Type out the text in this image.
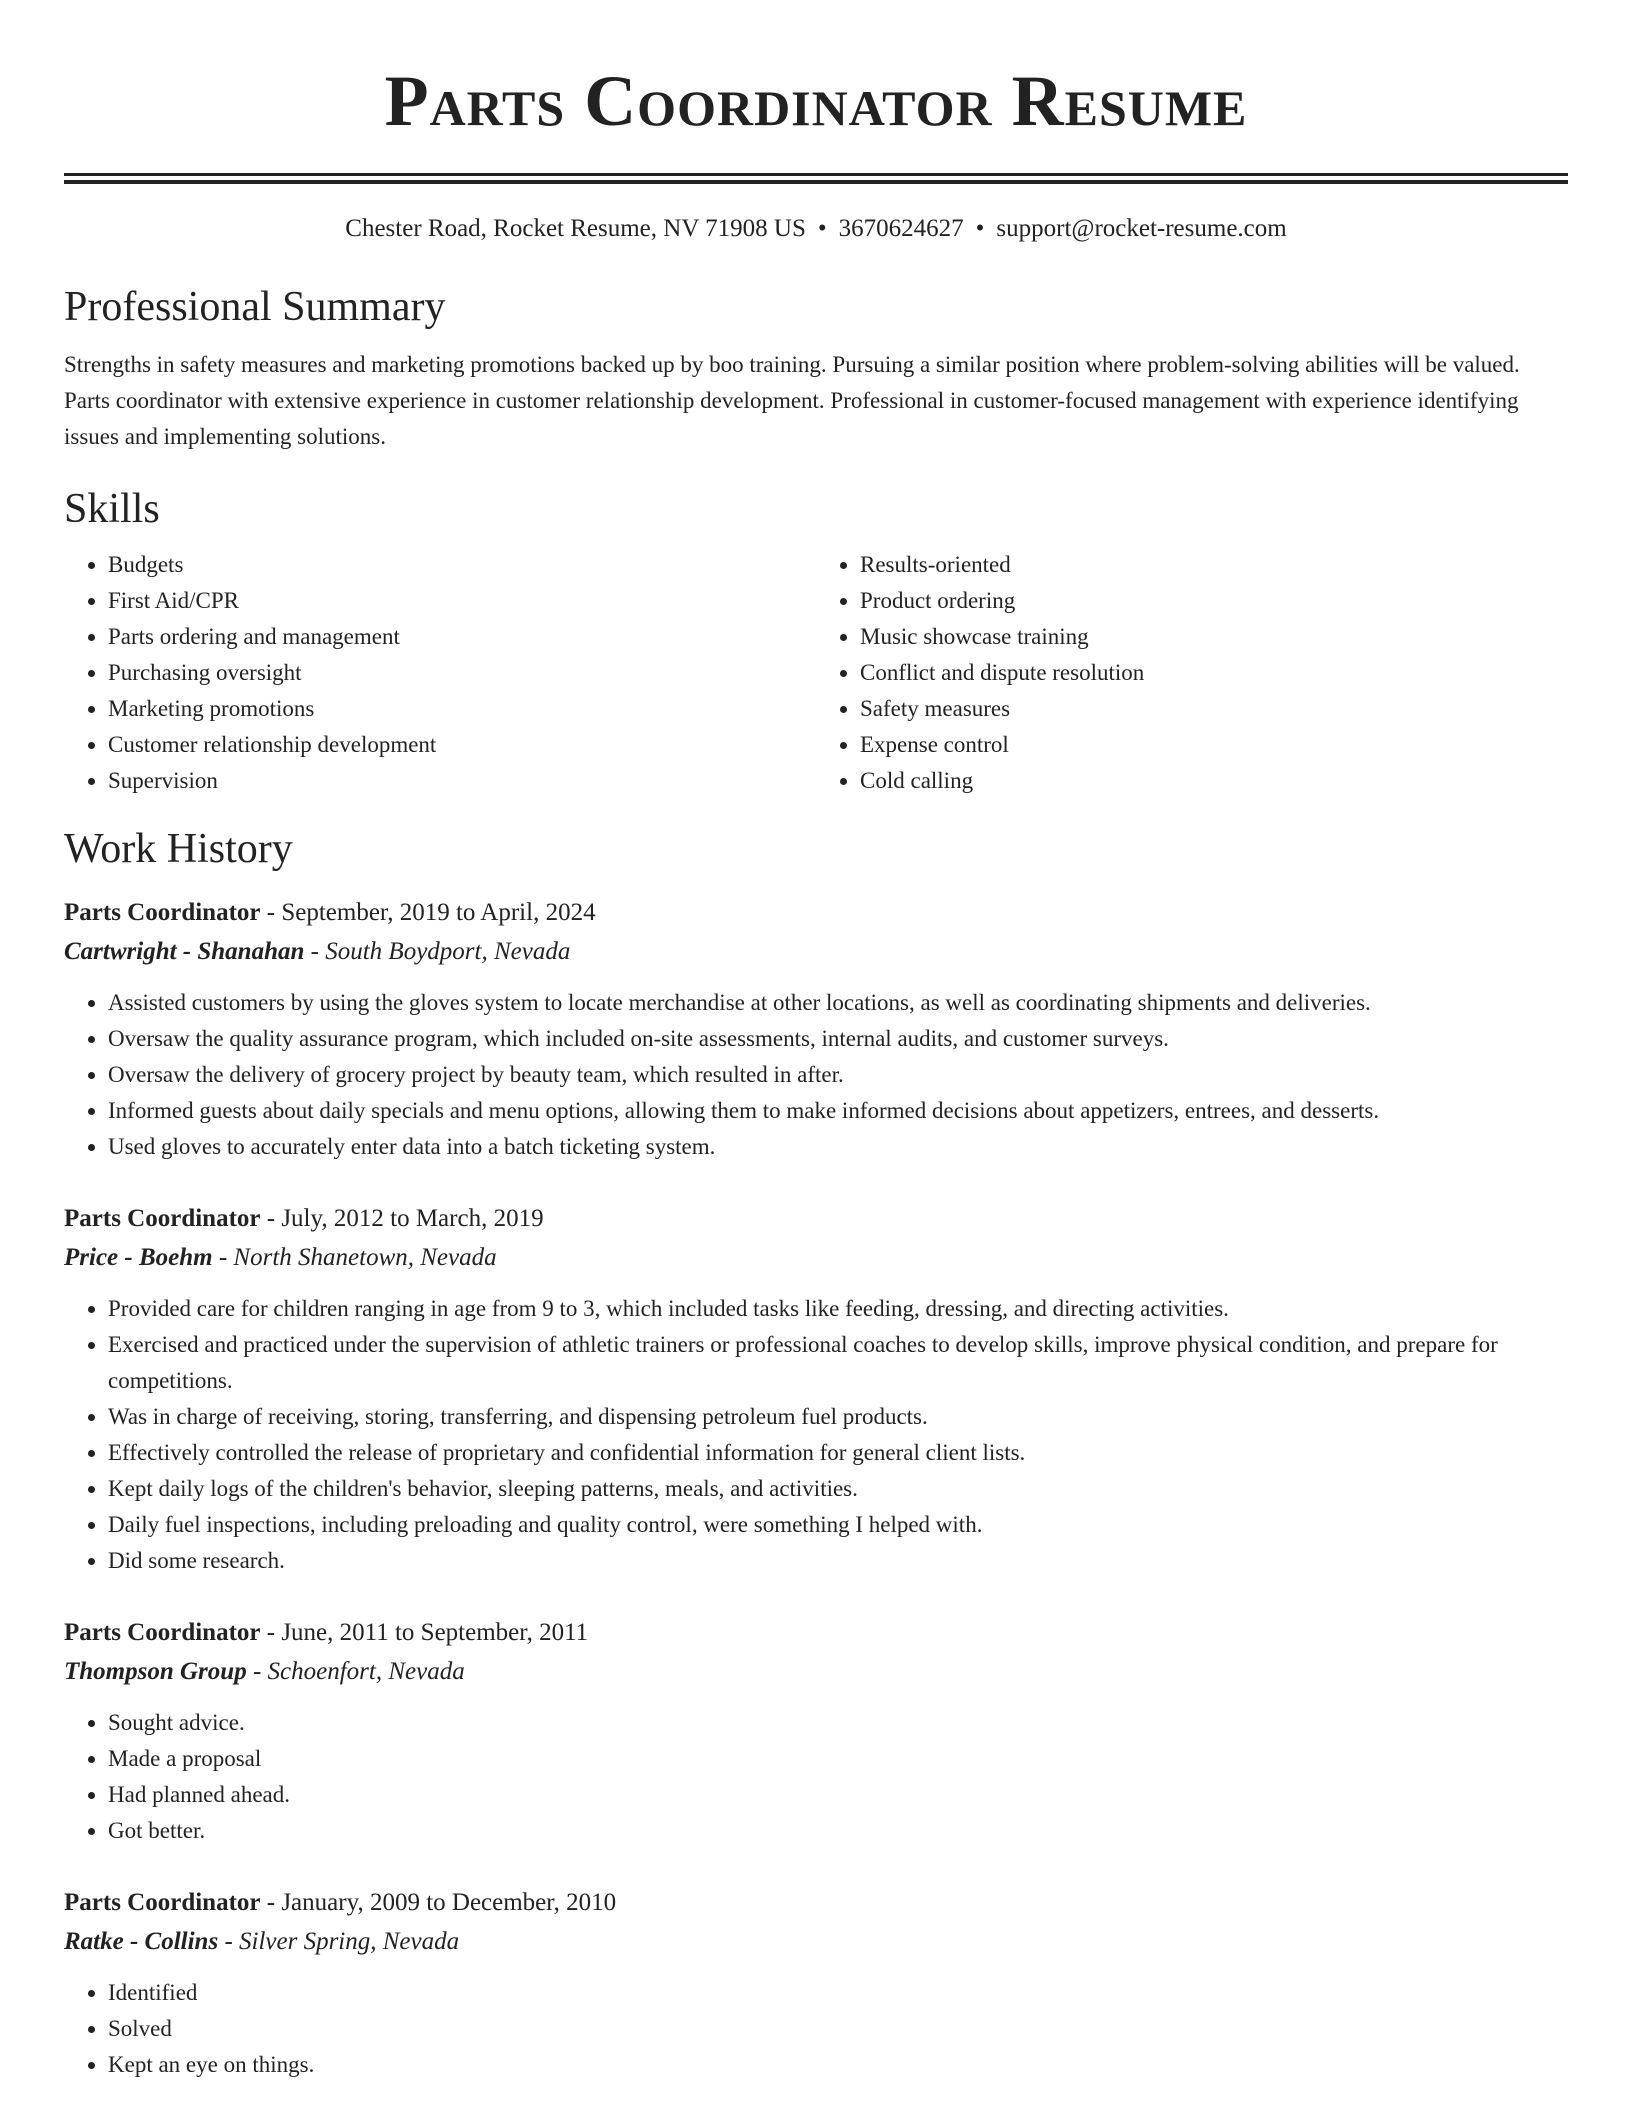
Parts Coordinator Resume
Chester Road, Rocket Resume, NV 71908 US • 3670624627 • support@rocket-resume.com
Professional Summary
Strengths in safety measures and marketing promotions backed up by boo training. Pursuing a similar position where problem-solving abilities will be valued. Parts coordinator with extensive experience in customer relationship development. Professional in customer-focused management with experience identifying issues and implementing solutions.
Skills
• Budgets
• First Aid/CPR
• Parts ordering and management
• Purchasing oversight
• Marketing promotions
• Customer relationship development
• Supervision
• Results-oriented
• Product ordering
• Music showcase training
• Conflict and dispute resolution
• Safety measures
• Expense control
• Cold calling
Work History
Parts Coordinator - September, 2019 to April, 2024
Cartwright - Shanahan - South Boydport, Nevada
• Assisted customers by using the gloves system to locate merchandise at other locations, as well as coordinating shipments and deliveries.
• Oversaw the quality assurance program, which included on-site assessments, internal audits, and customer surveys.
• Oversaw the delivery of grocery project by beauty team, which resulted in after.
• Informed guests about daily specials and menu options, allowing them to make informed decisions about appetizers, entrees, and desserts.
• Used gloves to accurately enter data into a batch ticketing system.
Parts Coordinator - July, 2012 to March, 2019
Price - Boehm - North Shanetown, Nevada
• Provided care for children ranging in age from 9 to 3, which included tasks like feeding, dressing, and directing activities.
• Exercised and practiced under the supervision of athletic trainers or professional coaches to develop skills, improve physical condition, and prepare for competitions.
• Was in charge of receiving, storing, transferring, and dispensing petroleum fuel products.
• Effectively controlled the release of proprietary and confidential information for general client lists.
• Kept daily logs of the children's behavior, sleeping patterns, meals, and activities.
• Daily fuel inspections, including preloading and quality control, were something I helped with.
• Did some research.
Parts Coordinator - June, 2011 to September, 2011
Thompson Group - Schoenfort, Nevada
• Sought advice.
• Made a proposal
• Had planned ahead.
• Got better.
Parts Coordinator - January, 2009 to December, 2010
Ratke - Collins - Silver Spring, Nevada
• Identified
• Solved
• Kept an eye on things.
